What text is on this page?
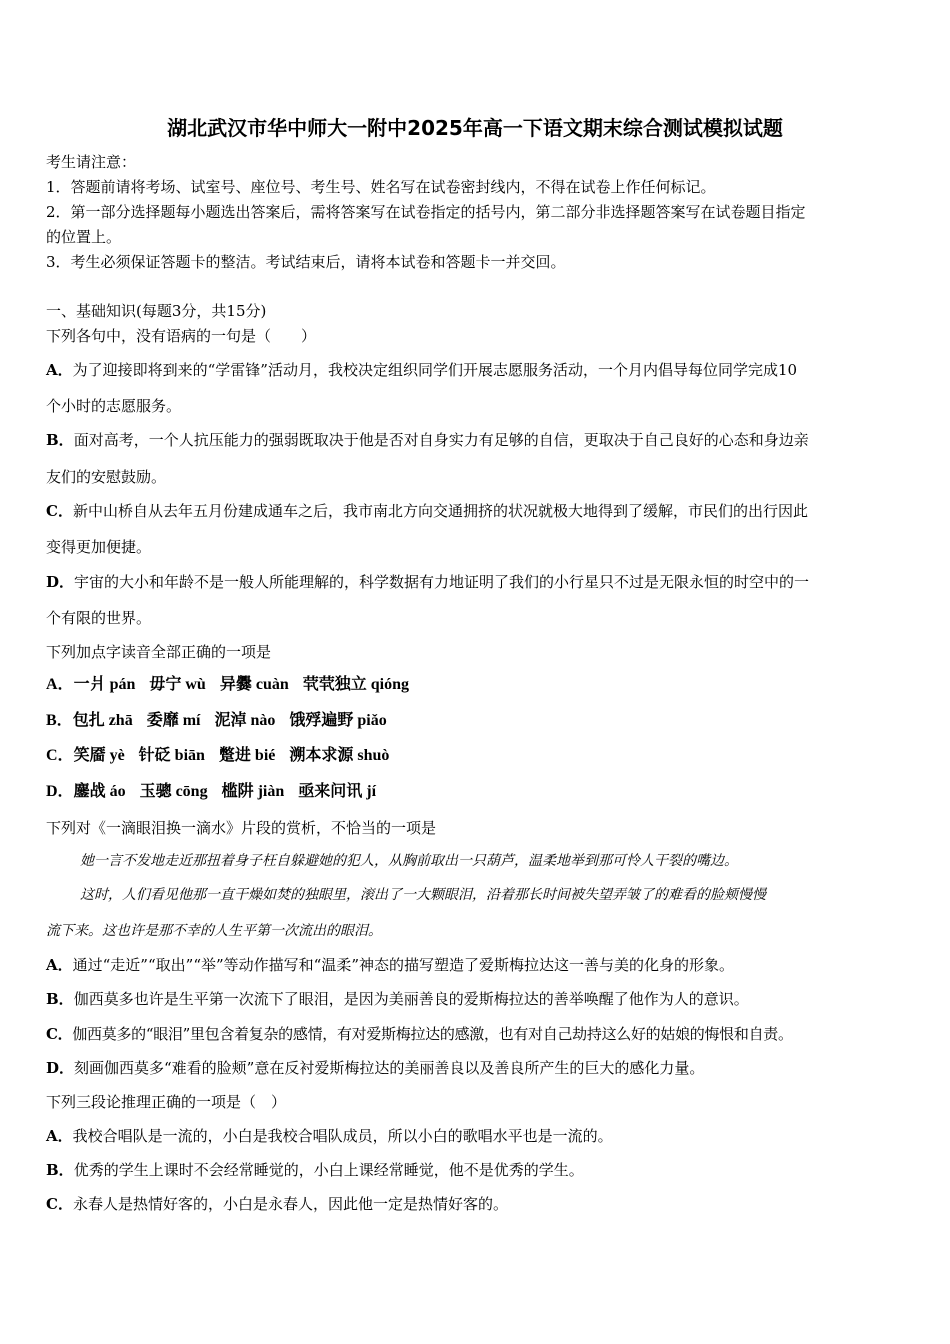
湖北武汉市华中师大一附中2025年高一下语文期末综合测试模拟试题
考生请注意：
1．答题前请将考场、试室号、座位号、考生号、姓名写在试卷密封线内，不得在试卷上作任何标记。
2．第一部分选择题每小题选出答案后，需将答案写在试卷指定的括号内，第二部分非选择题答案写在试卷题目指定
的位置上。
3．考生必须保证答题卡的整洁。考试结束后，请将本试卷和答题卡一并交回。
一、基础知识(每题3分，共15分)
下列各句中，没有语病的一句是（　　）
A．为了迎接即将到来的“学雷锋”活动月，我校决定组织同学们开展志愿服务活动，一个月内倡导每位同学完成10
个小时的志愿服务。
B．面对高考，一个人抗压能力的强弱既取决于他是否对自身实力有足够的自信，更取决于自己良好的心态和身边亲
友们的安慰鼓励。
C．新中山桥自从去年五月份建成通车之后，我市南北方向交通拥挤的状况就极大地得到了缓解，市民们的出行因此
变得更加便捷。
D．宇宙的大小和年龄不是一般人所能理解的，科学数据有力地证明了我们的小行星只不过是无限永恒的时空中的一
个有限的世界。
下列加点字读音全部正确的一项是
A．一爿 pán 毋宁 wù 异爨 cuàn 茕茕独立 qióng
B．包扎 zhā 委靡 mí 泥淖 nào 饿殍遍野 piǎo
C．笑靥 yè 针砭 biān 蹩进 bié 溯本求源 shuò
D．鏖战 áo 玉骢 cōng 槛阱 jiàn 亟来问讯 jí
下列对《一滴眼泪换一滴水》片段的赏析，不恰当的一项是
她一言不发地走近那扭着身子枉自躲避她的犯人，从胸前取出一只葫芦，温柔地举到那可怜人干裂的嘴边。
这时，人们看见他那一直干燥如焚的独眼里，滚出了一大颗眼泪，沿着那长时间被失望弄皱了的难看的脸颊慢慢
流下来。这也许是那不幸的人生平第一次流出的眼泪。
A．通过“走近”“取出”“举”等动作描写和“温柔”神态的描写塑造了爱斯梅拉达这一善与美的化身的形象。
B．伽西莫多也许是生平第一次流下了眼泪，是因为美丽善良的爱斯梅拉达的善举唤醒了他作为人的意识。
C．伽西莫多的“眼泪”里包含着复杂的感情，有对爱斯梅拉达的感激，也有对自己劫持这么好的姑娘的悔恨和自责。
D．刻画伽西莫多“难看的脸颊”意在反衬爱斯梅拉达的美丽善良以及善良所产生的巨大的感化力量。
下列三段论推理正确的一项是（　）
A．我校合唱队是一流的，小白是我校合唱队成员，所以小白的歌唱水平也是一流的。
B．优秀的学生上课时不会经常睡觉的，小白上课经常睡觉，他不是优秀的学生。
C．永春人是热情好客的，小白是永春人，因此他一定是热情好客的。
